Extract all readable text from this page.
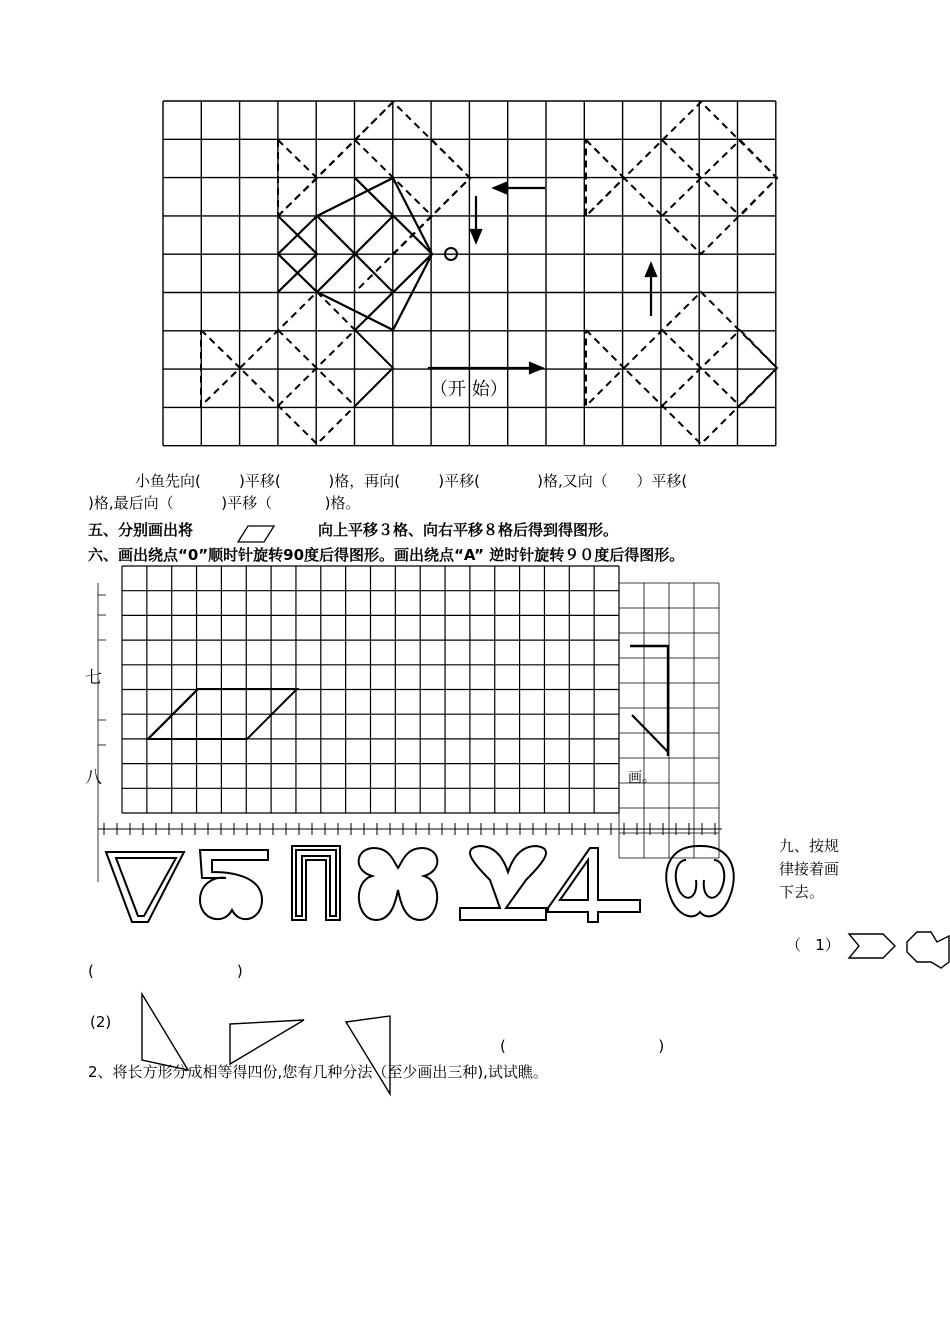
（开 始）
小鱼先向(        )平移(          )格，再向(        )平移(            )格,又向（      ）平移(
)格,最后向（          )平移（           )格。
五、分别画出将	向上平移３格、向右平移８格后得到得图形。
六、画出绕点“0”顺时针旋转90度后得图形。画出绕点“A” 逆时针旋转９０度后得图形。
七
八	画。
九、按规
律接着画
下去。
（   1）
(                              )
(2)
(                                )
2、将长方形分成相等得四份,您有几种分法（至少画出三种),试试瞧。
